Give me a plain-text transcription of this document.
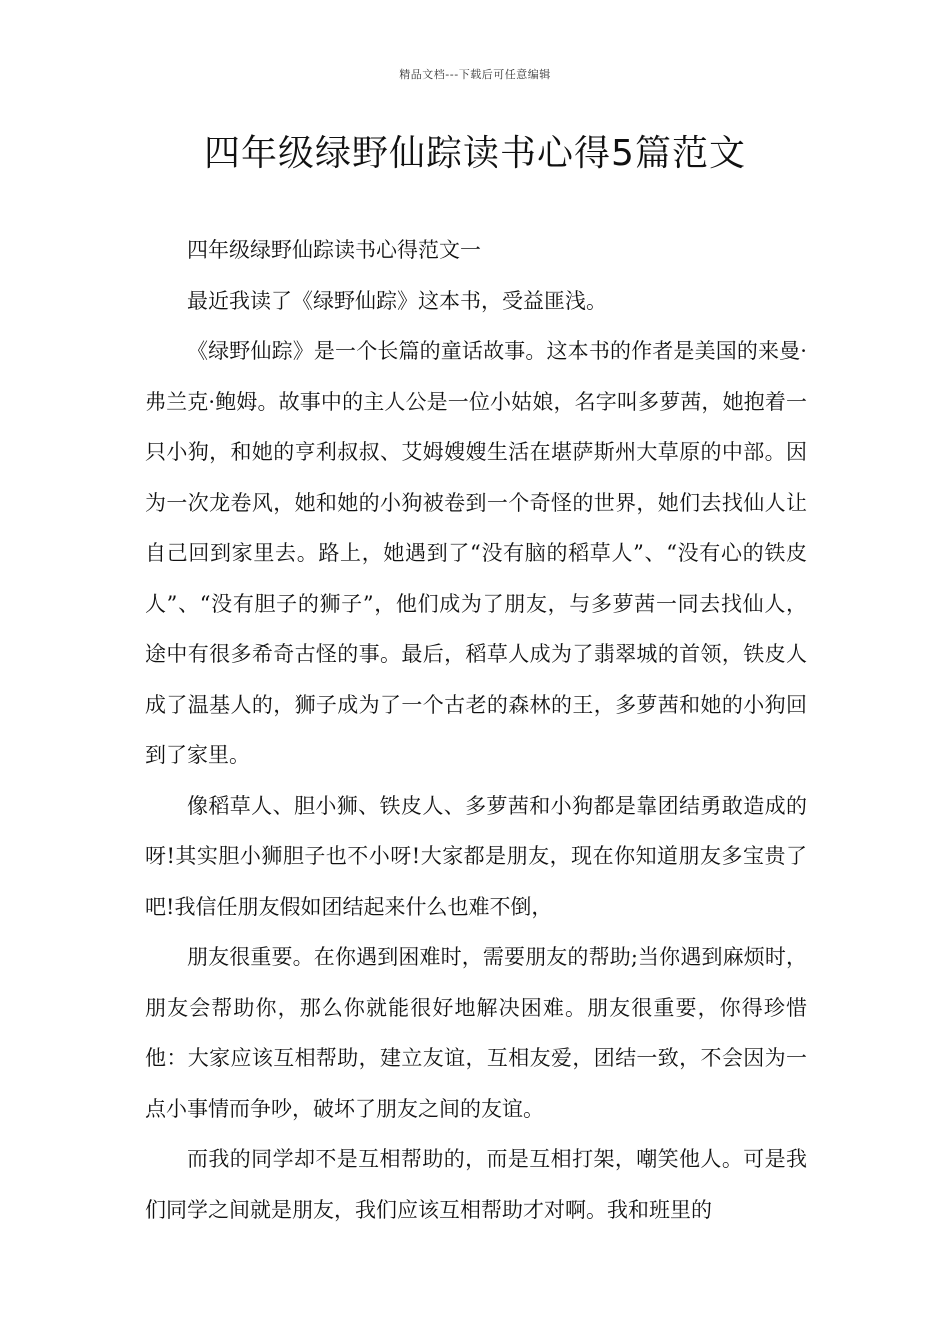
精品文档---下载后可任意编辑
四年级绿野仙踪读书心得5篇范文

四年级绿野仙踪读书心得范文一

最近我读了《绿野仙踪》这本书，受益匪浅。

《绿野仙踪》是一个长篇的童话故事。这本书的作者是美国的来曼·弗兰克·鲍姆。故事中的主人公是一位小姑娘，名字叫多萝茜，她抱着一只小狗，和她的亨利叔叔、艾姆嫂嫂生活在堪萨斯州大草原的中部。因为一次龙卷风，她和她的小狗被卷到一个奇怪的世界，她们去找仙人让自己回到家里去。路上，她遇到了“没有脑的稻草人”、“没有心的铁皮人”、“没有胆子的狮子”，他们成为了朋友，与多萝茜一同去找仙人，途中有很多希奇古怪的事。最后，稻草人成为了翡翠城的首领，铁皮人成了温基人的，狮子成为了一个古老的森林的王，多萝茜和她的小狗回到了家里。

像稻草人、胆小狮、铁皮人、多萝茜和小狗都是靠团结勇敢造成的呀!其实胆小狮胆子也不小呀!大家都是朋友，现在你知道朋友多宝贵了吧!我信任朋友假如团结起来什么也难不倒，

朋友很重要。在你遇到困难时，需要朋友的帮助;当你遇到麻烦时，朋友会帮助你，那么你就能很好地解决困难。朋友很重要，你得珍惜他：大家应该互相帮助，建立友谊，互相友爱，团结一致，不会因为一点小事情而争吵，破坏了朋友之间的友谊。

而我的同学却不是互相帮助的，而是互相打架，嘲笑他人。可是我们同学之间就是朋友，我们应该互相帮助才对啊。我和班里的
